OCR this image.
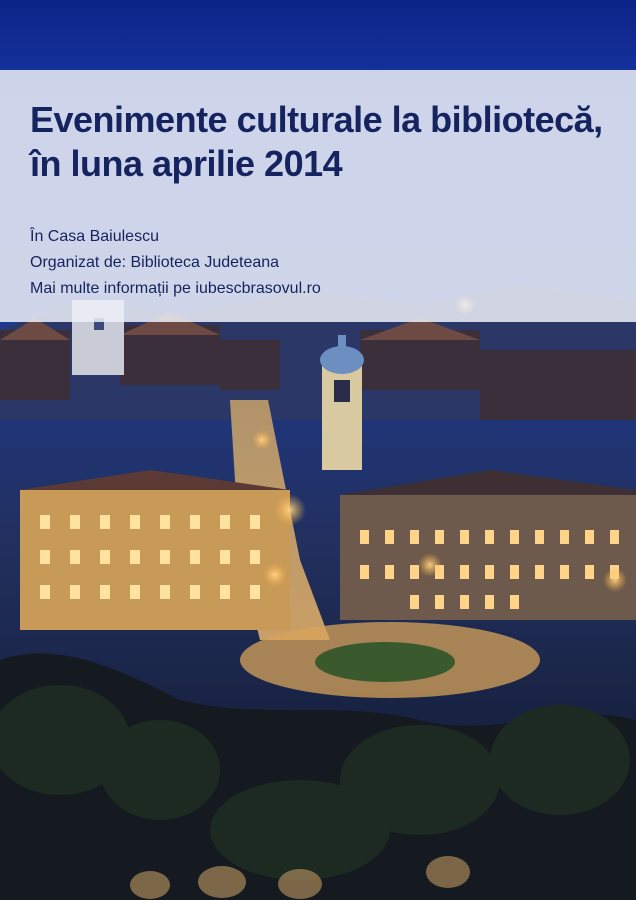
Evenimente culturale la bibliotecă,
în luna aprilie 2014
În Casa Baiulescu
Organizat de: Biblioteca Judeteana
Mai multe informații pe iubescbrasovul.ro
